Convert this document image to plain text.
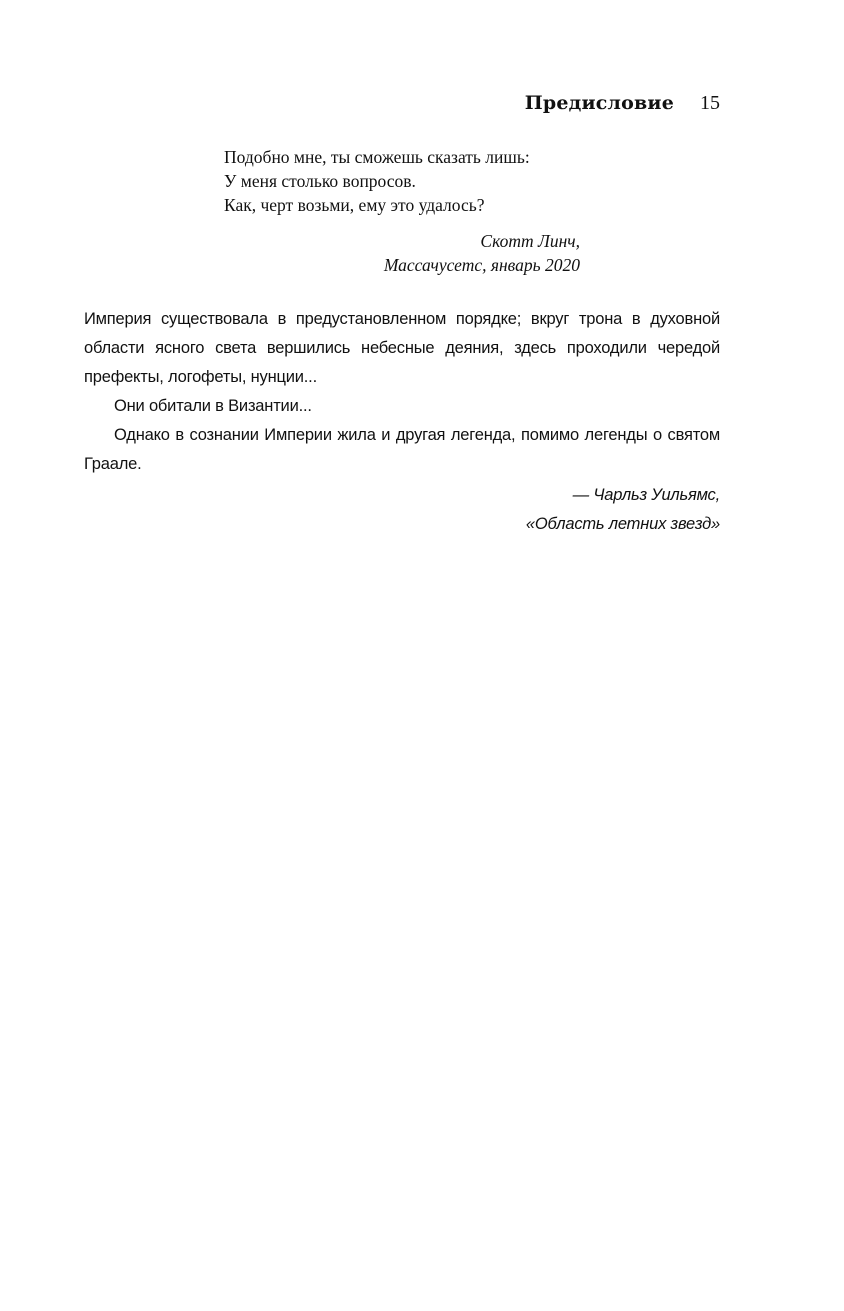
Предисловие 15
Подобно мне, ты сможешь сказать лишь:
У меня столько вопросов.
Как, черт возьми, ему это удалось?
Скотт Линч,
Массачусетс, январь 2020

Империя существовала в предустановленном порядке; вкруг трона в духовной области ясного света вершились небесные деяния, здесь проходили чередой префекты, логофеты, нунции...

Они обитали в Византии...

Однако в сознании Империи жила и другая легенда, помимо легенды о святом Граале.

— Чарльз Уильямс,
«Область летних звезд»
